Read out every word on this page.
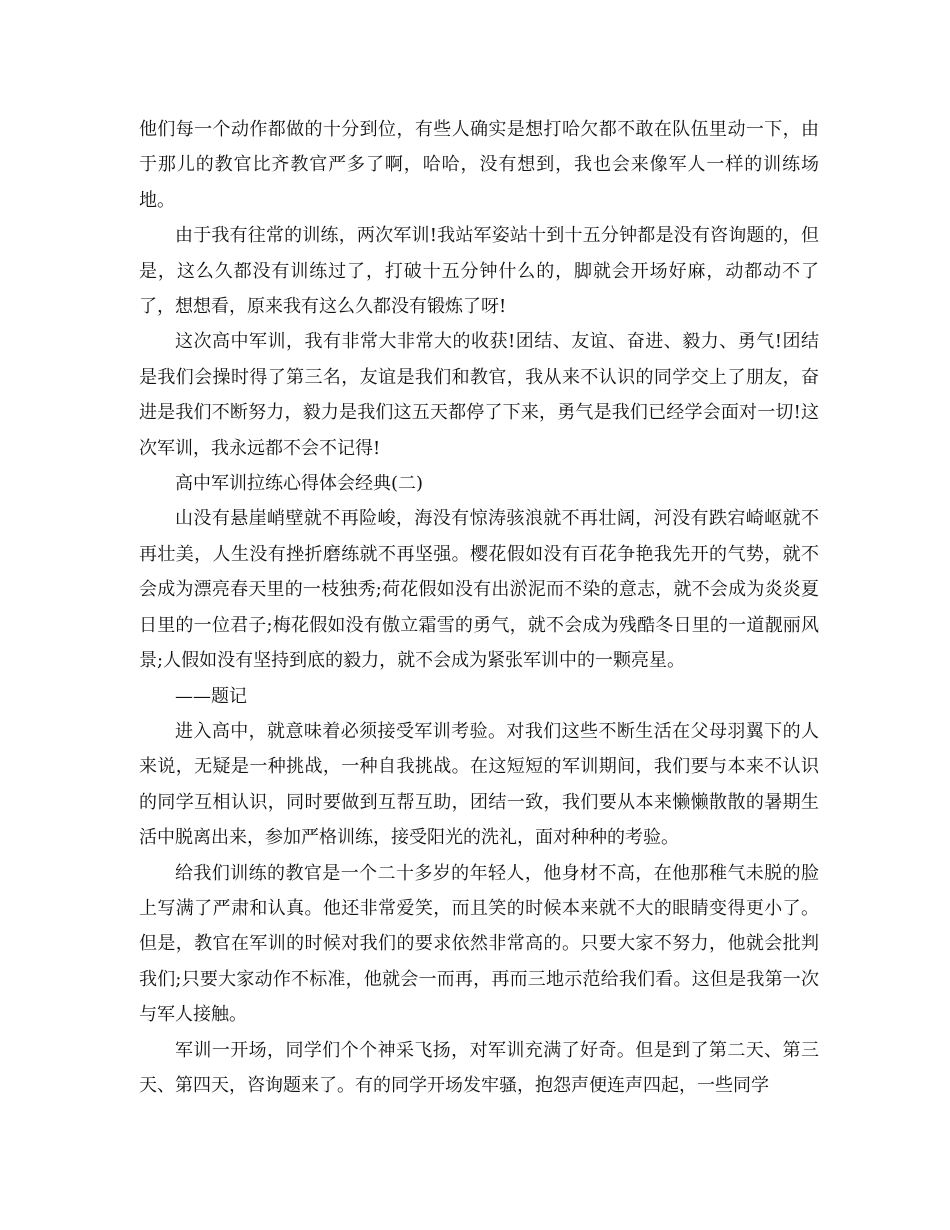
他们每一个动作都做的十分到位，有些人确实是想打哈欠都不敢在队伍里动一下，由于那儿的教官比齐教官严多了啊，哈哈，没有想到，我也会来像军人一样的训练场地。

由于我有往常的训练，两次军训!我站军姿站十到十五分钟都是没有咨询题的，但是，这么久都没有训练过了，打破十五分钟什么的，脚就会开场好麻，动都动不了了，想想看，原来我有这么久都没有锻炼了呀!

这次高中军训，我有非常大非常大的收获!团结、友谊、奋进、毅力、勇气!团结是我们会操时得了第三名，友谊是我们和教官，我从来不认识的同学交上了朋友，奋进是我们不断努力，毅力是我们这五天都停了下来，勇气是我们已经学会面对一切!这次军训，我永远都不会不记得!

高中军训拉练心得体会经典(二)

山没有悬崖峭壁就不再险峻，海没有惊涛骇浪就不再壮阔，河没有跌宕崎岖就不再壮美，人生没有挫折磨练就不再坚强。樱花假如没有百花争艳我先开的气势，就不会成为漂亮春天里的一枝独秀;荷花假如没有出淤泥而不染的意志，就不会成为炎炎夏日里的一位君子;梅花假如没有傲立霜雪的勇气，就不会成为残酷冬日里的一道靓丽风景;人假如没有坚持到底的毅力，就不会成为紧张军训中的一颗亮星。

——题记

进入高中，就意味着必须接受军训考验。对我们这些不断生活在父母羽翼下的人来说，无疑是一种挑战，一种自我挑战。在这短短的军训期间，我们要与本来不认识的同学互相认识，同时要做到互帮互助，团结一致，我们要从本来懒懒散散的暑期生活中脱离出来，参加严格训练，接受阳光的洗礼，面对种种的考验。

给我们训练的教官是一个二十多岁的年轻人，他身材不高，在他那稚气未脱的脸上写满了严肃和认真。他还非常爱笑，而且笑的时候本来就不大的眼睛变得更小了。但是，教官在军训的时候对我们的要求依然非常高的。只要大家不努力，他就会批判我们;只要大家动作不标准，他就会一而再，再而三地示范给我们看。这但是我第一次与军人接触。

军训一开场，同学们个个神采飞扬，对军训充满了好奇。但是到了第二天、第三天、第四天，咨询题来了。有的同学开场发牢骚，抱怨声便连声四起，一些同学
